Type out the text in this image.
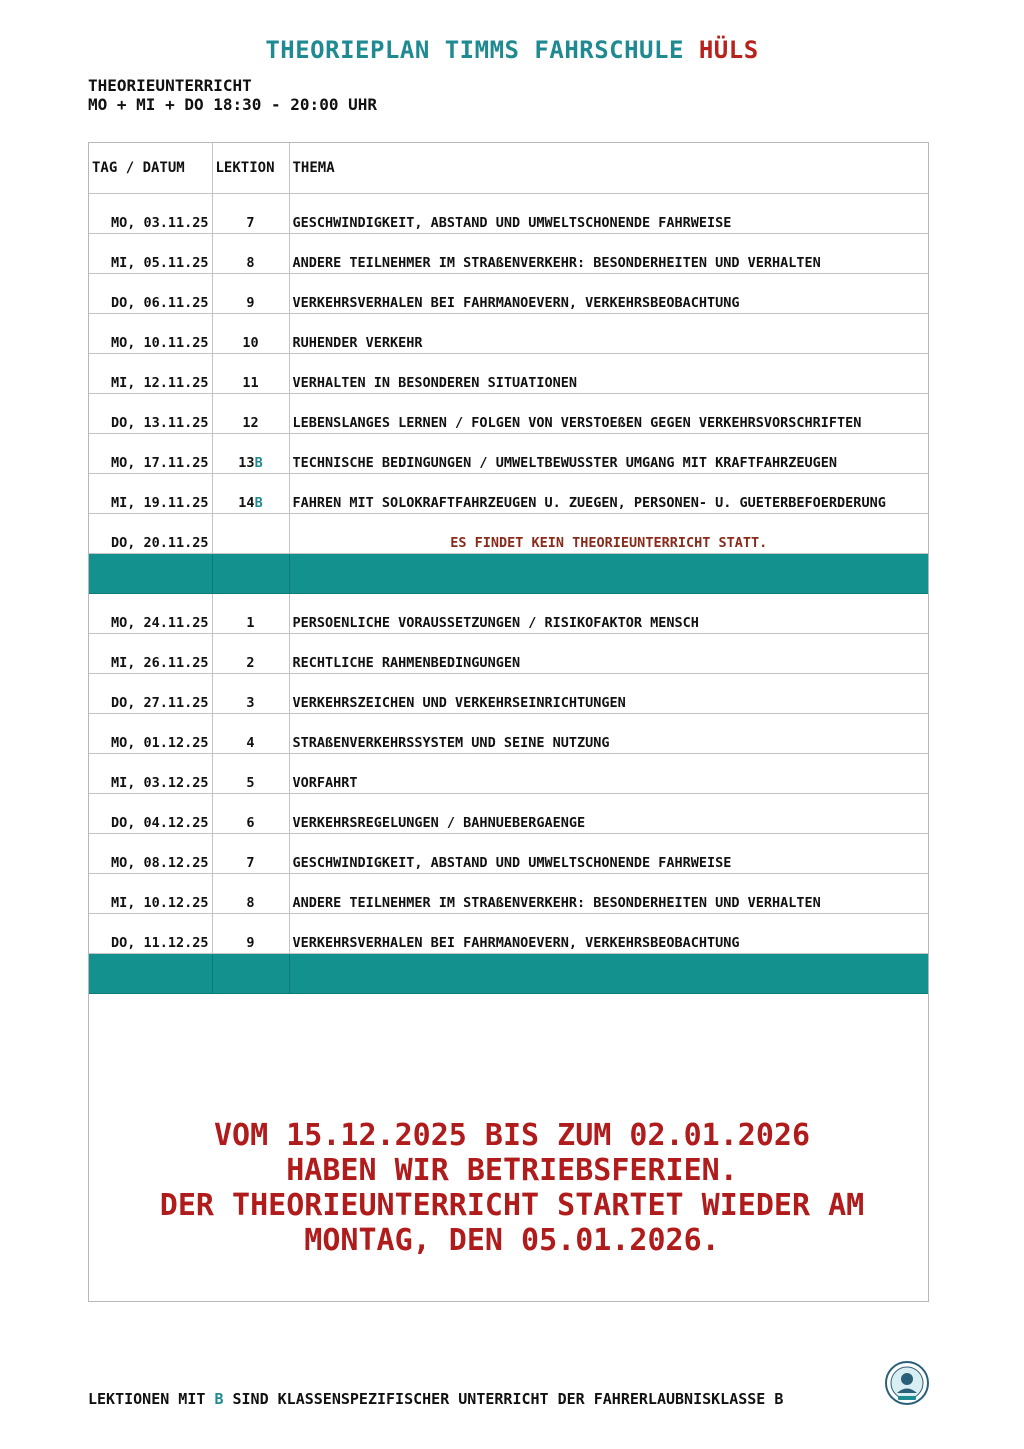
THEORIEPLAN TIMMS FAHRSCHULE HÜLS
THEORIEUNTERRICHT
MO + MI + DO 18:30 - 20:00 UHR
TAG / DATUM	LEKTION	THEMA
MO, 03.11.25	7	GESCHWINDIGKEIT, ABSTAND UND UMWELTSCHONENDE FAHRWEISE
MI, 05.11.25	8	ANDERE TEILNEHMER IM STRAßENVERKEHR: BESONDERHEITEN UND VERHALTEN
DO, 06.11.25	9	VERKEHRSVERHALEN BEI FAHRMANOEVERN, VERKEHRSBEOBACHTUNG
MO, 10.11.25	10	RUHENDER VERKEHR
MI, 12.11.25	11	VERHALTEN IN BESONDEREN SITUATIONEN
DO, 13.11.25	12	LEBENSLANGES LERNEN / FOLGEN VON VERSTOEßEN GEGEN VERKEHRSVORSCHRIFTEN
MO, 17.11.25	13B	TECHNISCHE BEDINGUNGEN / UMWELTBEWUSSTER UMGANG MIT KRAFTFAHRZEUGEN
MI, 19.11.25	14B	FAHREN MIT SOLOKRAFTFAHRZEUGEN U. ZUEGEN, PERSONEN- U. GUETERBEFOERDERUNG
DO, 20.11.25		ES FINDET KEIN THEORIEUNTERRICHT STATT.

MO, 24.11.25	1	PERSOENLICHE VORAUSSETZUNGEN / RISIKOFAKTOR MENSCH
MI, 26.11.25	2	RECHTLICHE RAHMENBEDINGUNGEN
DO, 27.11.25	3	VERKEHRSZEICHEN UND VERKEHRSEINRICHTUNGEN
MO, 01.12.25	4	STRAßENVERKEHRSSYSTEM UND SEINE NUTZUNG
MI, 03.12.25	5	VORFAHRT
DO, 04.12.25	6	VERKEHRSREGELUNGEN / BAHNUEBERGAENGE
MO, 08.12.25	7	GESCHWINDIGKEIT, ABSTAND UND UMWELTSCHONENDE FAHRWEISE
MI, 10.12.25	8	ANDERE TEILNEHMER IM STRAßENVERKEHR: BESONDERHEITEN UND VERHALTEN
DO, 11.12.25	9	VERKEHRSVERHALEN BEI FAHRMANOEVERN, VERKEHRSBEOBACHTUNG

VOM 15.12.2025 BIS ZUM 02.01.2026
HABEN WIR BETRIEBSFERIEN.
DER THEORIEUNTERRICHT STARTET WIEDER AM
MONTAG, DEN 05.01.2026.
LEKTIONEN MIT B SIND KLASSENSPEZIFISCHER UNTERRICHT DER FAHRERLAUBNISKLASSE B
